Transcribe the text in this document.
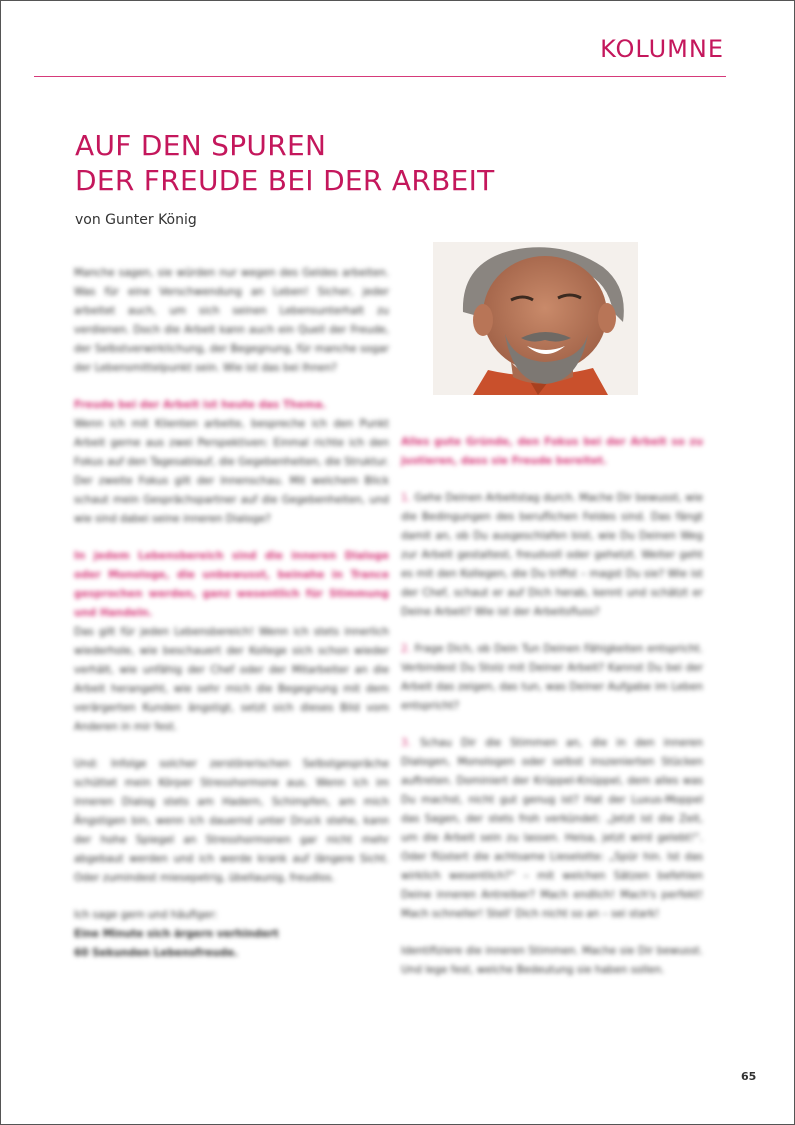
KOLUMNE
AUF DEN SPUREN
DER FREUDE BEI DER ARBEIT
von Gunter König

Manche sagen, sie würden nur wegen des Geldes arbeiten. Was für eine Verschwendung an Leben! Sicher, jeder arbeitet auch, um sich seinen Lebensunterhalt zu verdienen. Doch die Arbeit kann auch ein Quell der Freude, der Selbstverwirklichung, der Begegnung, für manche sogar der Lebensmittelpunkt sein. Wie ist das bei Ihnen?

Freude bei der Arbeit ist heute das Thema.

Wenn ich mit Klienten arbeite, bespreche ich den Punkt Arbeit gerne aus zwei Perspektiven: Einmal richte ich den Fokus auf den Tagesablauf, die Gegebenheiten, die Struktur. Der zweite Fokus gilt der Innenschau. Mit welchem Blick schaut mein Gesprächspartner auf die Gegebenheiten, und wie sind dabei seine inneren Dialoge?

In jedem Lebensbereich sind die inneren Dialoge oder Monologe, die unbewusst, beinahe in Trance gesprochen werden, ganz wesentlich für Stimmung und Handeln.

Das gilt für jeden Lebensbereich! Wenn ich stets innerlich wiederhole, wie beschauert der Kollege sich schon wieder verhält, wie unfähig der Chef oder der Mitarbeiter an die Arbeit herangeht, wie sehr mich die Begegnung mit dem verärgerten Kunden ängstigt, setzt sich dieses Bild vom Anderen in mir fest.

Und: Infolge solcher zerstörerischen Selbstgespräche schüttet mein Körper Stresshormone aus. Wenn ich im inneren Dialog stets am Hadern, Schimpfen, am mich Ängstigen bin, wenn ich dauernd unter Druck stehe, kann der hohe Spiegel an Stresshormonen gar nicht mehr abgebaut werden und ich werde krank auf längere Sicht. Oder zumindest miesepetrig, übellaunig, freudlos.

Ich sage gern und häufiger:
Eine Minute sich ärgern verhindert
60 Sekunden Lebensfreude.

Alles gute Gründe, den Fokus bei der Arbeit so zu justieren, dass sie Freude bereitet.

1. Gehe Deinen Arbeitstag durch. Mache Dir bewusst, wie die Bedingungen des beruflichen Feldes sind. Das fängt damit an, ob Du ausgeschlafen bist, wie Du Deinen Weg zur Arbeit gestaltest, freudvoll oder gehetzt. Weiter geht es mit den Kollegen, die Du triffst – magst Du sie? Wie ist der Chef, schaut er auf Dich herab, kennt und schätzt er Deine Arbeit? Wie ist der Arbeitsfluss?

2. Frage Dich, ob Dein Tun Deinen Fähigkeiten entspricht. Verbindest Du Stolz mit Deiner Arbeit? Kannst Du bei der Arbeit das zeigen, das tun, was Deiner Aufgabe im Leben entspricht?

3. Schau Dir die Stimmen an, die in den inneren Dialogen, Monologen oder selbst inszenierten Stücken auftreten. Dominiert der Krüppel-Knüppel, dem alles was Du machst, nicht gut genug ist? Hat der Luxus-Moppel das Sagen, der stets froh verkündet: „Jetzt ist die Zeit, um die Arbeit sein zu lassen. Heisa, jetzt wird gelebt!“. Oder flüstert die achtsame Lieselotte: „Spür hin. Ist das wirklich wesentlich?“ – mit welchen Sätzen befehlen Deine inneren Antreiber? Mach endlich! Mach's perfekt! Mach schneller! Stell' Dich nicht so an – sei stark!

Identifiziere die inneren Stimmen. Mache sie Dir bewusst. Und lege fest, welche Bedeutung sie haben sollen.

65
